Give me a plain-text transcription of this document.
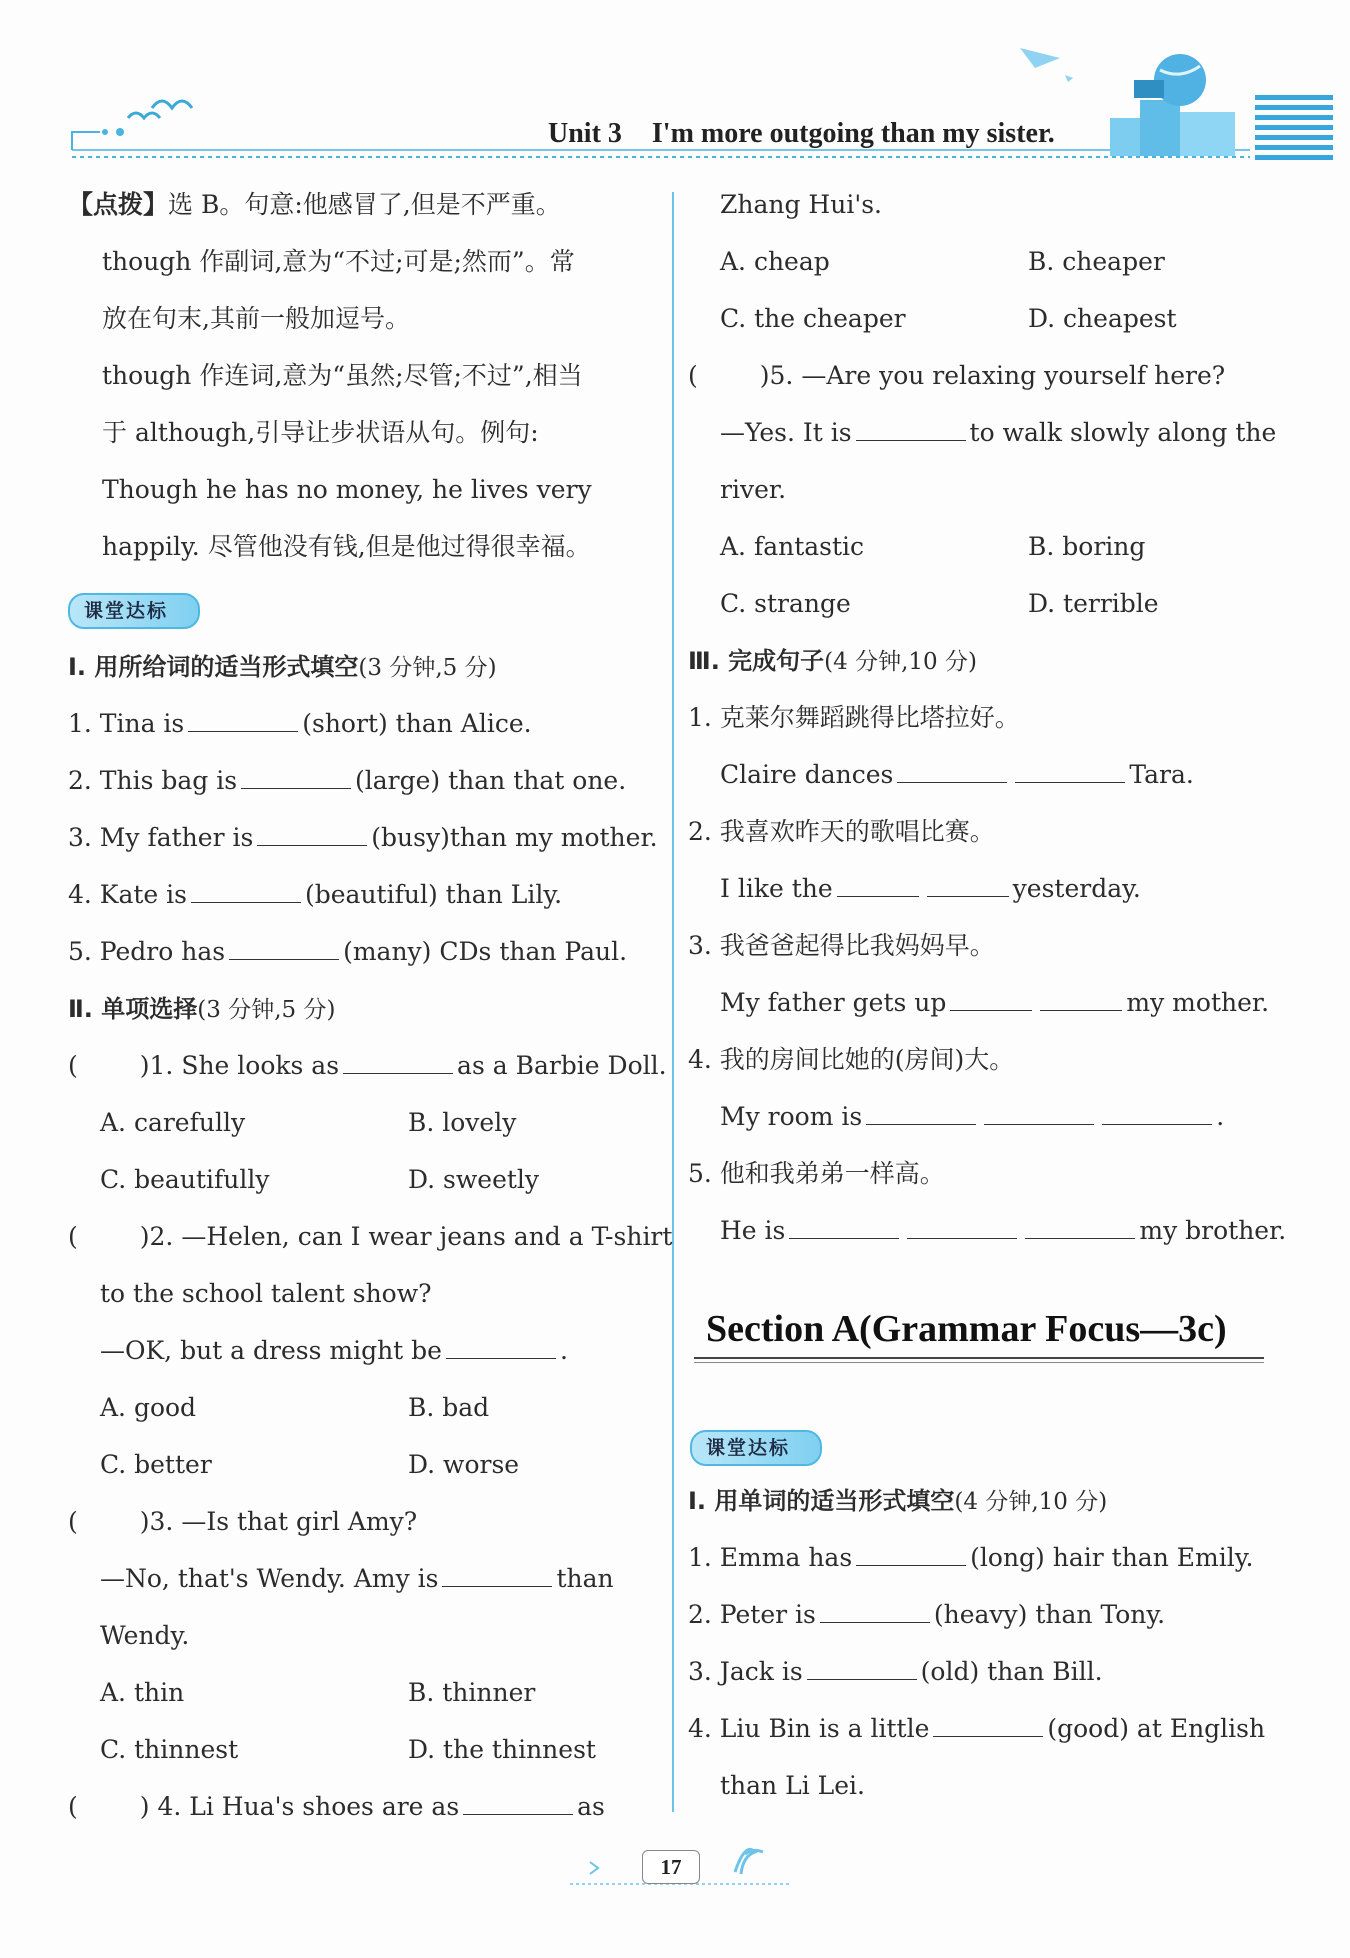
Unit 3 I'm more outgoing than my sister.
【点拨】选 B。句意:他感冒了,但是不严重。
though 作副词,意为“不过;可是;然而”。常
放在句末,其前一般加逗号。
though 作连词,意为“虽然;尽管;不过”,相当
于 although,引导让步状语从句。例句:
Though he has no money, he lives very
happily. 尽管他没有钱,但是他过得很幸福。
课堂达标
Ⅰ. 用所给词的适当形式填空(3 分钟,5 分)
1. Tina is	(short) than Alice.
2. This bag is	(large) than that one.
3. My father is	(busy)than my mother.
4. Kate is	(beautiful) than Lily.
5. Pedro has	(many) CDs than Paul.
Ⅱ. 单项选择(3 分钟,5 分)
( )1. She looks as	as a Barbie Doll.
A. carefully	B. lovely
C. beautifully	D. sweetly
( )2. —Helen, can I wear jeans and a T-shirt
to the school talent show?
—OK, but a dress might be	.
A. good	B. bad
C. better	D. worse
( )3. —Is that girl Amy?
—No, that's Wendy. Amy is	than
Wendy.
A. thin	B. thinner
C. thinnest	D. the thinnest
( ) 4. Li Hua's shoes are as	as
Zhang Hui's.
A. cheap	B. cheaper
C. the cheaper	D. cheapest
( )5. —Are you relaxing yourself here?
—Yes. It is	to walk slowly along the
river.
A. fantastic	B. boring
C. strange	D. terrible
Ⅲ. 完成句子(4 分钟,10 分)
1. 克莱尔舞蹈跳得比塔拉好。
Claire dances	Tara.
2. 我喜欢昨天的歌唱比赛。
I like the	yesterday.
3. 我爸爸起得比我妈妈早。
My father gets up	my mother.
4. 我的房间比她的(房间)大。
My room is	.
5. 他和我弟弟一样高。
He is	my brother.
Section A(Grammar Focus—3c)
课堂达标
Ⅰ. 用单词的适当形式填空(4 分钟,10 分)
1. Emma has	(long) hair than Emily.
2. Peter is	(heavy) than Tony.
3. Jack is	(old) than Bill.
4. Liu Bin is a little	(good) at English
than Li Lei.
17
